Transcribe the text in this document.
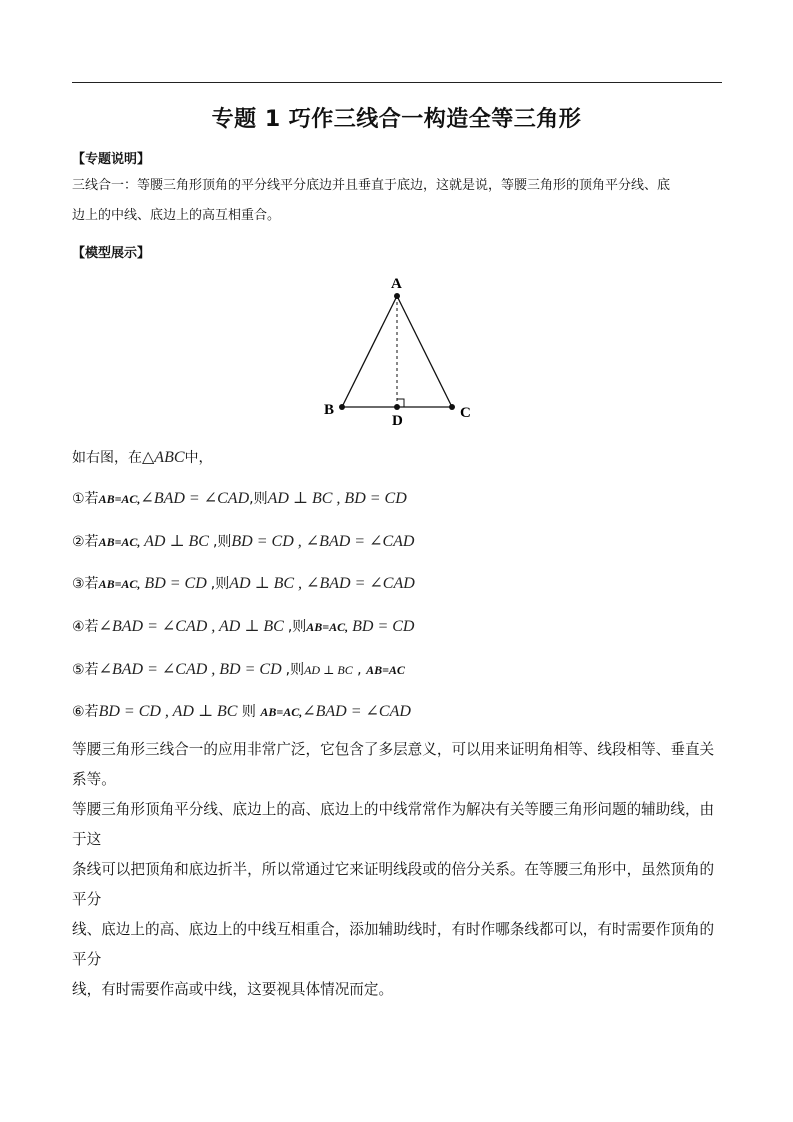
专题 1 巧作三线合一构造全等三角形
【专题说明】
三线合一：等腰三角形顶角的平分线平分底边并且垂直于底边，这就是说，等腰三角形的顶角平分线、底
边上的中线、底边上的高互相重合。
【模型展示】
A
B	C
D
如右图，在△ABC中，
①若AB=AC,∠BAD = ∠CAD,则AD ⊥ BC , BD = CD
②若AB=AC, AD ⊥ BC ,则BD = CD , ∠BAD = ∠CAD
③若AB=AC, BD = CD ,则AD ⊥ BC , ∠BAD = ∠CAD
④若∠BAD = ∠CAD , AD ⊥ BC ,则AB=AC, BD = CD
⑤若∠BAD = ∠CAD , BD = CD ,则AD ⊥ BC , AB=AC
⑥若BD = CD , AD ⊥ BC 则 AB=AC,∠BAD = ∠CAD
等腰三角形三线合一的应用非常广泛，它包含了多层意义，可以用来证明角相等、线段相等、垂直关系等。
等腰三角形顶角平分线、底边上的高、底边上的中线常常作为解决有关等腰三角形问题的辅助线，由于这
条线可以把顶角和底边折半，所以常通过它来证明线段或的倍分关系。在等腰三角形中，虽然顶角的平分
线、底边上的高、底边上的中线互相重合，添加辅助线时，有时作哪条线都可以，有时需要作顶角的平分
线，有时需要作高或中线，这要视具体情况而定。
